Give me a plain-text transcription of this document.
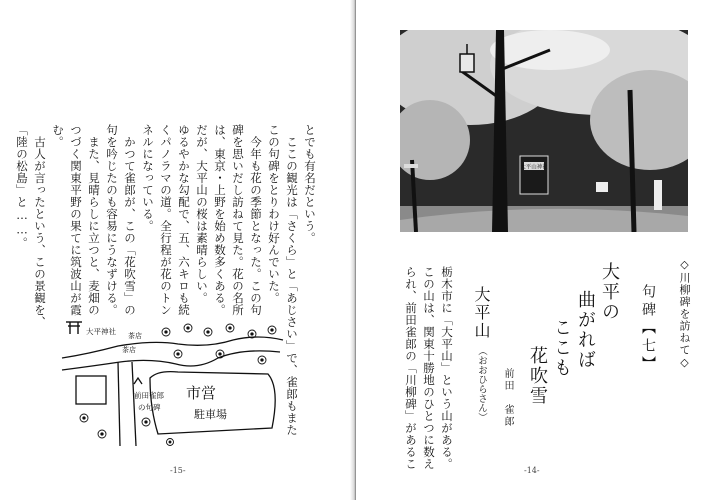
とでも有名だという。
　ここの観光は「さくら」と「あじさい」で、雀郎もまた
この句碑をとりわけ好んでいた。
　今年も花の季節となった。この句
碑を思いだし訪ねて見た。花の名所
は、東京・上野を始め数多くある。
だが、大平山の桜は素晴らしい。
ゆるやかな勾配で、五、六キロも続
くパノラマの道。全行程が花のトン
ネルになっている。
　かつて雀郎が、この「花吹雪」の
句を吟じたのも容易にうなずける。
　また、見晴らしに立つと、麦畑の
つづく関東平野の果てに筑波山が霞
む。
　古人が言ったという、この景観を、
「陸の松島」と……。
大平神社 茶店
茶店
前田雀郎
の句碑
市営
駐車場
-15-
大平山神社
◇川柳碑を訪ねて◇
句碑【七】
大平の
曲がれば
ここも
花吹雪
前田　雀郎
大平山
（おおひらさん）
栃木市に「大平山」という山がある。
この山は、関東十勝地のひとつに数え
られ、前田雀郎の「川柳碑」があるこ
-14-
